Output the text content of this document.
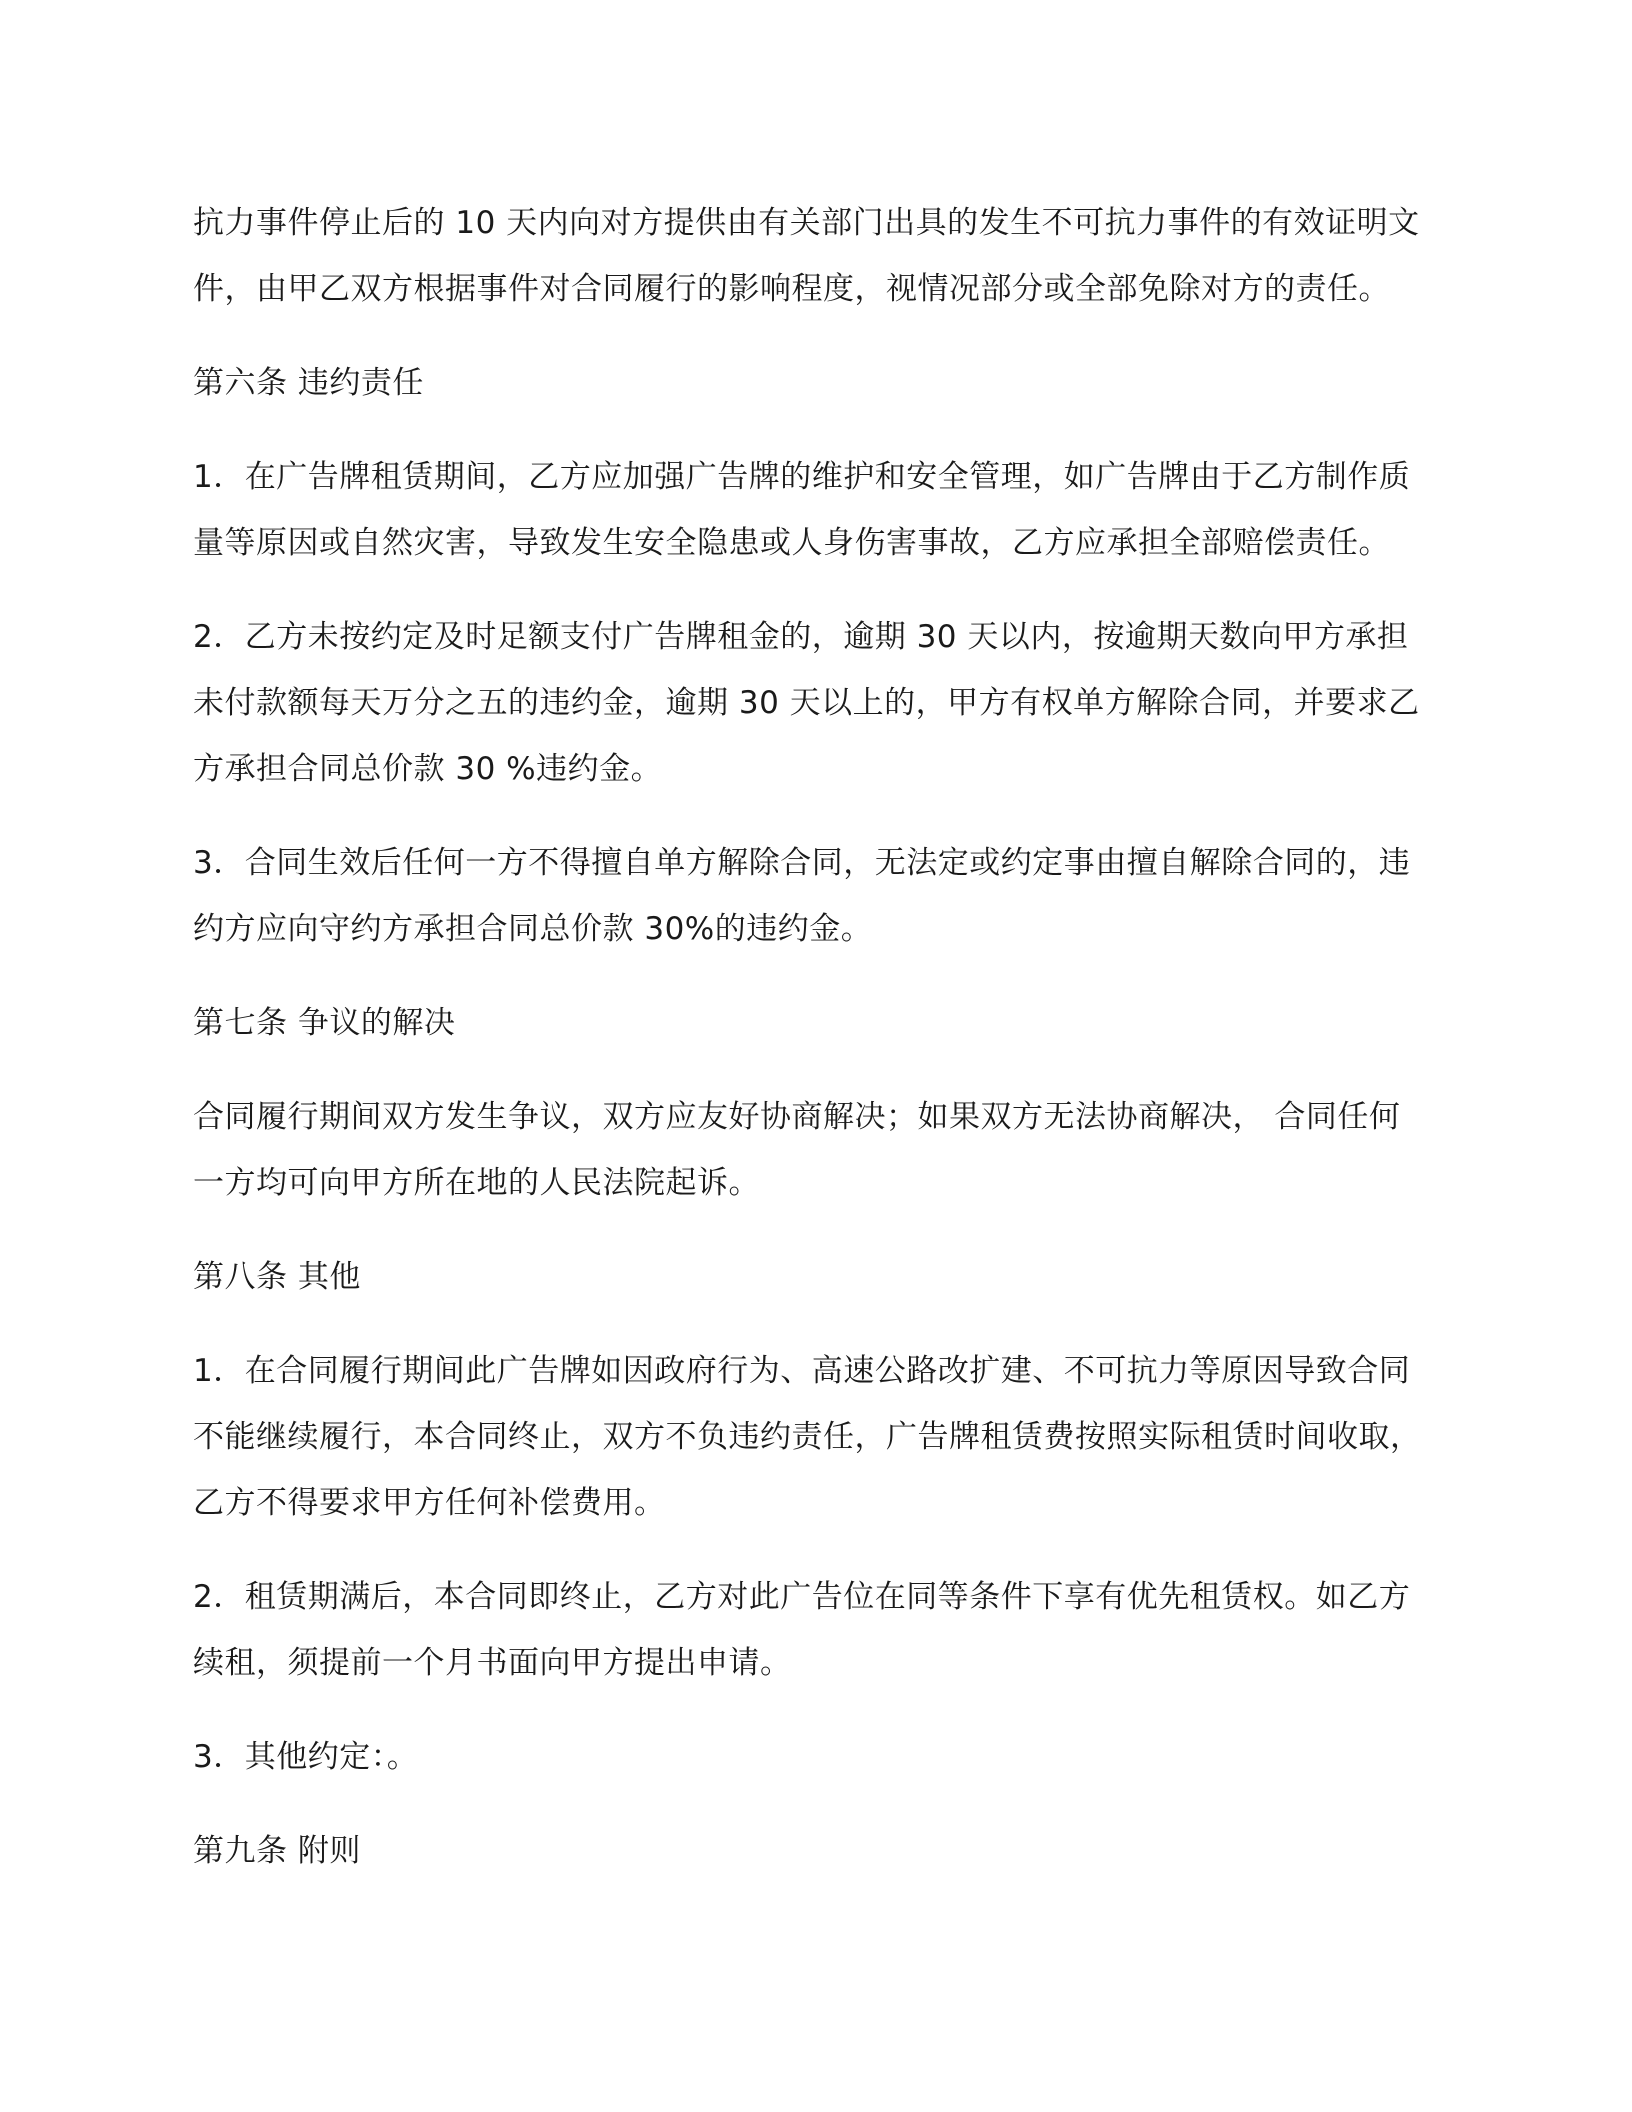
抗力事件停止后的 10 天内向对方提供由有关部门出具的发生不可抗力事件的有效证明文

件，由甲乙双方根据事件对合同履行的影响程度，视情况部分或全部免除对方的责任。

第六条 违约责任

1．在广告牌租赁期间，乙方应加强广告牌的维护和安全管理，如广告牌由于乙方制作质

量等原因或自然灾害，导致发生安全隐患或人身伤害事故，乙方应承担全部赔偿责任。

2．乙方未按约定及时足额支付广告牌租金的，逾期 30 天以内，按逾期天数向甲方承担

未付款额每天万分之五的违约金，逾期 30 天以上的，甲方有权单方解除合同，并要求乙

方承担合同总价款 30 %违约金。

3．合同生效后任何一方不得擅自单方解除合同，无法定或约定事由擅自解除合同的，违

约方应向守约方承担合同总价款 30%的违约金。

第七条 争议的解决

合同履行期间双方发生争议，双方应友好协商解决；如果双方无法协商解决， 合同任何

一方均可向甲方所在地的人民法院起诉。

第八条 其他

1．在合同履行期间此广告牌如因政府行为、高速公路改扩建、不可抗力等原因导致合同

不能继续履行，本合同终止，双方不负违约责任，广告牌租赁费按照实际租赁时间收取，

乙方不得要求甲方任何补偿费用。

2．租赁期满后，本合同即终止，乙方对此广告位在同等条件下享有优先租赁权。如乙方

续租，须提前一个月书面向甲方提出申请。

3．其他约定：。

第九条 附则
